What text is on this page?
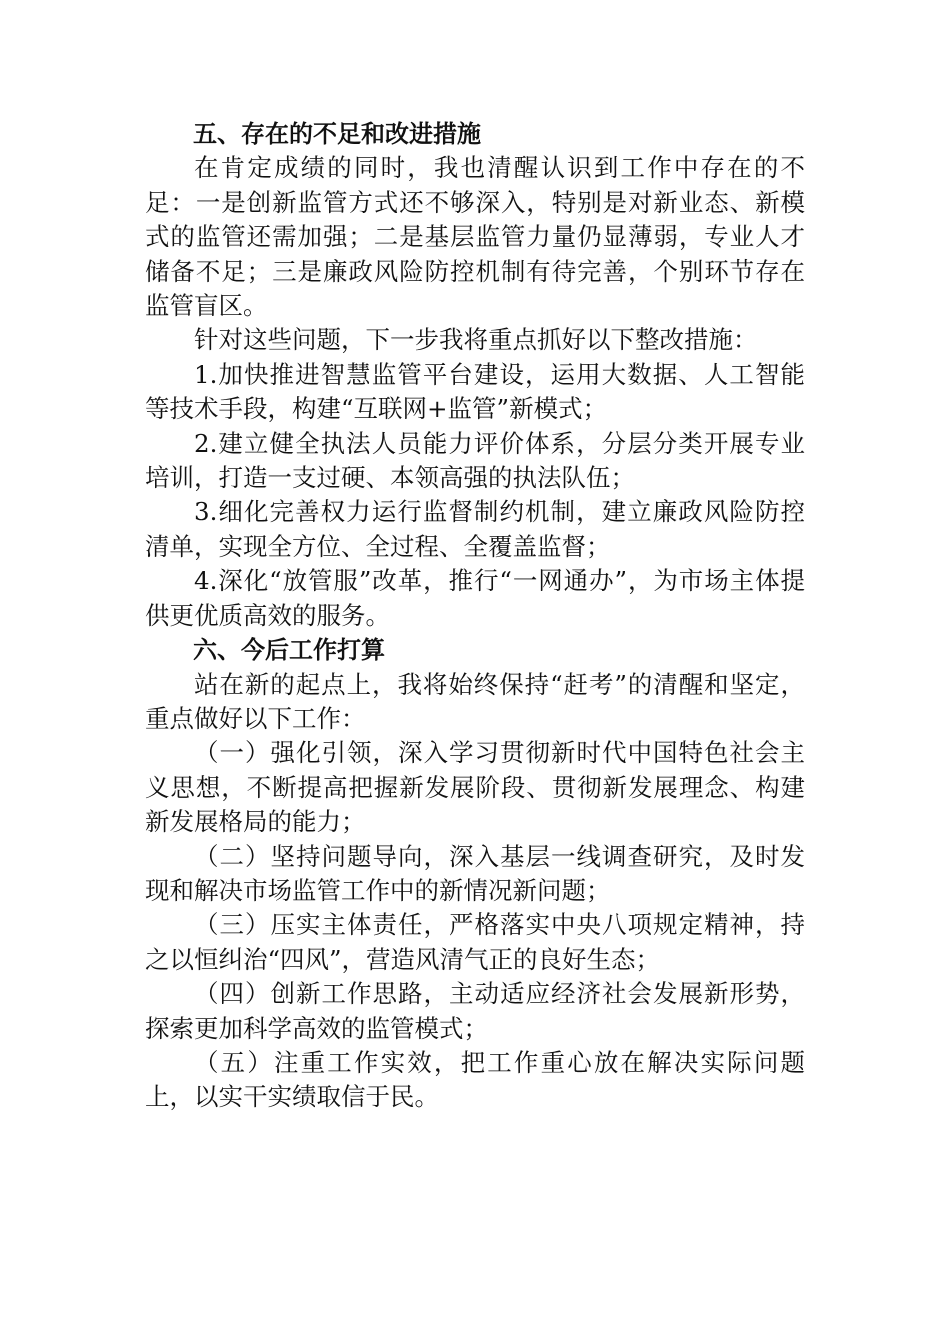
五、存在的不足和改进措施

在肯定成绩的同时，我也清醒认识到工作中存在的不足：一是创新监管方式还不够深入，特别是对新业态、新模式的监管还需加强；二是基层监管力量仍显薄弱，专业人才储备不足；三是廉政风险防控机制有待完善，个别环节存在监管盲区。

针对这些问题，下一步我将重点抓好以下整改措施：

1.加快推进智慧监管平台建设，运用大数据、人工智能等技术手段，构建“互联网+监管”新模式；

2.建立健全执法人员能力评价体系，分层分类开展专业培训，打造一支过硬、本领高强的执法队伍；

3.细化完善权力运行监督制约机制，建立廉政风险防控清单，实现全方位、全过程、全覆盖监督；

4.深化“放管服”改革，推行“一网通办”，为市场主体提供更优质高效的服务。

六、今后工作打算

站在新的起点上，我将始终保持“赶考”的清醒和坚定，重点做好以下工作：

（一）强化引领，深入学习贯彻新时代中国特色社会主义思想，不断提高把握新发展阶段、贯彻新发展理念、构建新发展格局的能力；

（二）坚持问题导向，深入基层一线调查研究，及时发现和解决市场监管工作中的新情况新问题；

（三）压实主体责任，严格落实中央八项规定精神，持之以恒纠治“四风”，营造风清气正的良好生态；

（四）创新工作思路，主动适应经济社会发展新形势，探索更加科学高效的监管模式；

（五）注重工作实效，把工作重心放在解决实际问题上，以实干实绩取信于民。
